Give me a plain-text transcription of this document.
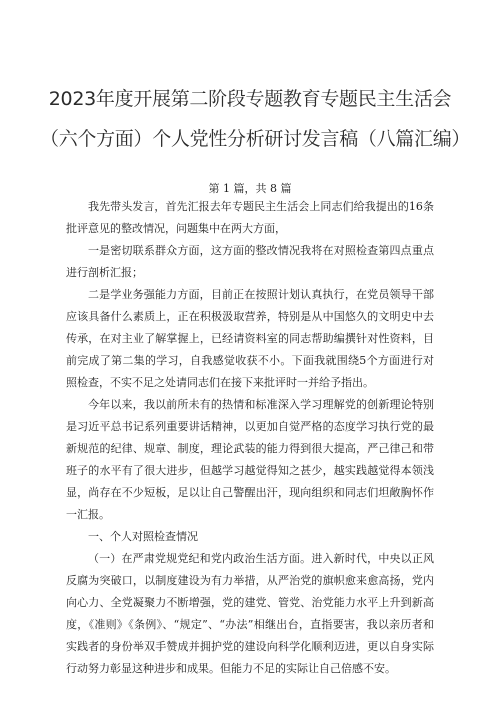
2023年度开展第二阶段专题教育专题民主生活会
（六个方面）个人党性分析研讨发言稿（八篇汇编）
第 1 篇，共 8 篇

我先带头发言，首先汇报去年专题民主生活会上同志们给我提出的16条批评意见的整改情况，问题集中在两大方面，

一是密切联系群众方面，这方面的整改情况我将在对照检查第四点重点进行剖析汇报；

二是学业务强能力方面，目前正在按照计划认真执行，在党员领导干部应该具备什么素质上，正在积极汲取营养，特别是从中国悠久的文明史中去传承，在对主业了解掌握上，已经请资料室的同志帮助编撰针对性资料，目前完成了第二集的学习，自我感觉收获不小。下面我就围绕5个方面进行对照检查，不实不足之处请同志们在接下来批评时一并给予指出。

今年以来，我以前所未有的热情和标准深入学习理解党的创新理论特别是习近平总书记系列重要讲话精神，以更加自觉严格的态度学习执行党的最新规范的纪律、规章、制度，理论武装的能力得到很大提高，严己律己和带班子的水平有了很大进步，但越学习越觉得知之甚少，越实践越觉得本领浅显，尚存在不少短板，足以让自己警醒出汗，现向组织和同志们坦敞胸怀作一汇报。

一、个人对照检查情况

（一）在严肃党规党纪和党内政治生活方面。进入新时代，中央以正风反腐为突破口，以制度建设为有力举措，从严治党的旗帜愈来愈高扬，党内向心力、全党凝聚力不断增强，党的建党、管党、治党能力水平上升到新高度，《准则》《条例》、“规定”、“办法”相继出台，直指要害，我以亲历者和实践者的身份举双手赞成并拥护党的建设向科学化顺利迈进，更以自身实际行动努力彰显这种进步和成果。但能力不足的实际让自己倍感不安。
